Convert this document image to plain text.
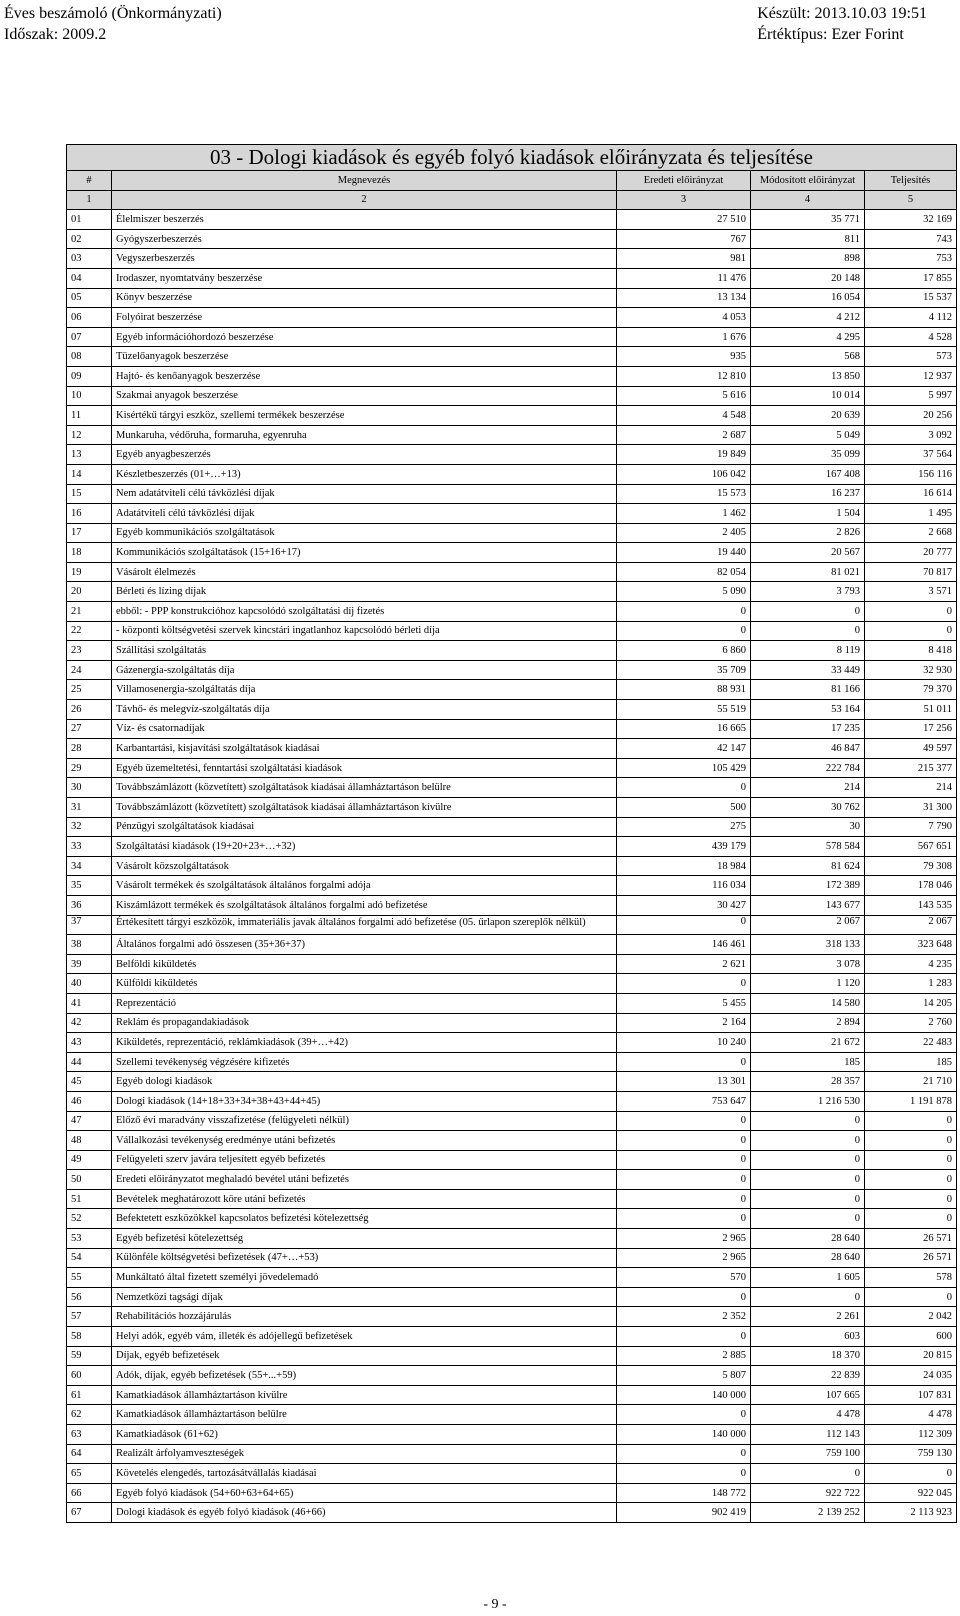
Éves beszámoló (Önkormányzati)
Időszak: 2009.2
Készült: 2013.10.03 19:51
Értéktípus: Ezer Forint
03 - Dologi kiadások és egyéb folyó kiadások előirányzata és teljesítése				
#	Megnevezés	Eredeti előirányzat	Módosított előirányzat	Teljesítés
1	2	3	4	5
01	Élelmiszer beszerzés	27 510	35 771	32 169
02	Gyógyszerbeszerzés	767	811	743
03	Vegyszerbeszerzés	981	898	753
04	Irodaszer, nyomtatvány beszerzése	11 476	20 148	17 855
05	Könyv beszerzése	13 134	16 054	15 537
06	Folyóirat beszerzése	4 053	4 212	4 112
07	Egyéb információhordozó beszerzése	1 676	4 295	4 528
08	Tüzelőanyagok beszerzése	935	568	573
09	Hajtó- és kenőanyagok beszerzése	12 810	13 850	12 937
10	Szakmai anyagok beszerzése	5 616	10 014	5 997
11	Kisértékű tárgyi eszköz, szellemi termékek beszerzése	4 548	20 639	20 256
12	Munkaruha, védőruha, formaruha, egyenruha	2 687	5 049	3 092
13	Egyéb anyagbeszerzés	19 849	35 099	37 564
14	Készletbeszerzés (01+…+13)	106 042	167 408	156 116
15	Nem adatátviteli célú távközlési díjak	15 573	16 237	16 614
16	Adatátviteli célú távközlési díjak	1 462	1 504	1 495
17	Egyéb kommunikációs szolgáltatások	2 405	2 826	2 668
18	Kommunikációs szolgáltatások (15+16+17)	19 440	20 567	20 777
19	Vásárolt élelmezés	82 054	81 021	70 817
20	Bérleti és lízing díjak	5 090	3 793	3 571
21	ebből: - PPP konstrukcióhoz kapcsolódó szolgáltatási díj fizetés	0	0	0
22	- központi költségvetési szervek kincstári ingatlanhoz kapcsolódó bérleti díja	0	0	0
23	Szállítási szolgáltatás	6 860	8 119	8 418
24	Gázenergia-szolgáltatás díja	35 709	33 449	32 930
25	Villamosenergia-szolgáltatás díja	88 931	81 166	79 370
26	Távhő- és melegvíz-szolgáltatás díja	55 519	53 164	51 011
27	Víz- és csatornadíjak	16 665	17 235	17 256
28	Karbantartási, kisjavítási szolgáltatások kiadásai	42 147	46 847	49 597
29	Egyéb üzemeltetési, fenntartási szolgáltatási kiadások	105 429	222 784	215 377
30	Továbbszámlázott (közvetített) szolgáltatások kiadásai államháztartáson belülre	0	214	214
31	Továbbszámlázott (közvetített) szolgáltatások kiadásai államháztartáson kívülre	500	30 762	31 300
32	Pénzügyi szolgáltatások kiadásai	275	30	7 790
33	Szolgáltatási kiadások (19+20+23+…+32)	439 179	578 584	567 651
34	Vásárolt közszolgáltatások	18 984	81 624	79 308
35	Vásárolt termékek és szolgáltatások általános forgalmi adója	116 034	172 389	178 046
36	Kiszámlázott termékek és szolgáltatások általános forgalmi adó befizetése	30 427	143 677	143 535
37	Értékesített tárgyi eszközök, immateriális javak általános forgalmi adó befizetése (05. űrlapon szereplők nélkül)	0	2 067	2 067
38	Általános forgalmi adó összesen (35+36+37)	146 461	318 133	323 648
39	Belföldi kiküldetés	2 621	3 078	4 235
40	Külföldi kiküldetés	0	1 120	1 283
41	Reprezentáció	5 455	14 580	14 205
42	Reklám és propagandakiadások	2 164	2 894	2 760
43	Kiküldetés, reprezentáció, reklámkiadások (39+…+42)	10 240	21 672	22 483
44	Szellemi tevékenység végzésére kifizetés	0	185	185
45	Egyéb dologi kiadások	13 301	28 357	21 710
46	Dologi kiadások (14+18+33+34+38+43+44+45)	753 647	1 216 530	1 191 878
47	Előző évi maradvány visszafizetése (felügyeleti nélkül)	0	0	0
48	Vállalkozási tevékenység eredménye utáni befizetés	0	0	0
49	Felügyeleti szerv javára teljesített egyéb befizetés	0	0	0
50	Eredeti előirányzatot meghaladó bevétel utáni befizetés	0	0	0
51	Bevételek meghatározott köre utáni befizetés	0	0	0
52	Befektetett eszközökkel kapcsolatos befizetési kötelezettség	0	0	0
53	Egyéb befizetési kötelezettség	2 965	28 640	26 571
54	Különféle költségvetési befizetések (47+…+53)	2 965	28 640	26 571
55	Munkáltató által fizetett személyi jövedelemadó	570	1 605	578
56	Nemzetközi tagsági díjak	0	0	0
57	Rehabilitációs hozzájárulás	2 352	2 261	2 042
58	Helyi adók, egyéb vám, illeték és adójellegű befizetések	0	603	600
59	Díjak, egyéb befizetések	2 885	18 370	20 815
60	Adók, díjak, egyéb befizetések (55+...+59)	5 807	22 839	24 035
61	Kamatkiadások államháztartáson kívülre	140 000	107 665	107 831
62	Kamatkiadások államháztartáson belülre	0	4 478	4 478
63	Kamatkiadások (61+62)	140 000	112 143	112 309
64	Realizált árfolyamveszteségek	0	759 100	759 130
65	Követelés elengedés, tartozásátvállalás kiadásai	0	0	0
66	Egyéb folyó kiadások (54+60+63+64+65)	148 772	922 722	922 045
67	Dologi kiadások és egyéb folyó kiadások (46+66)	902 419	2 139 252	2 113 923
- 9 -
